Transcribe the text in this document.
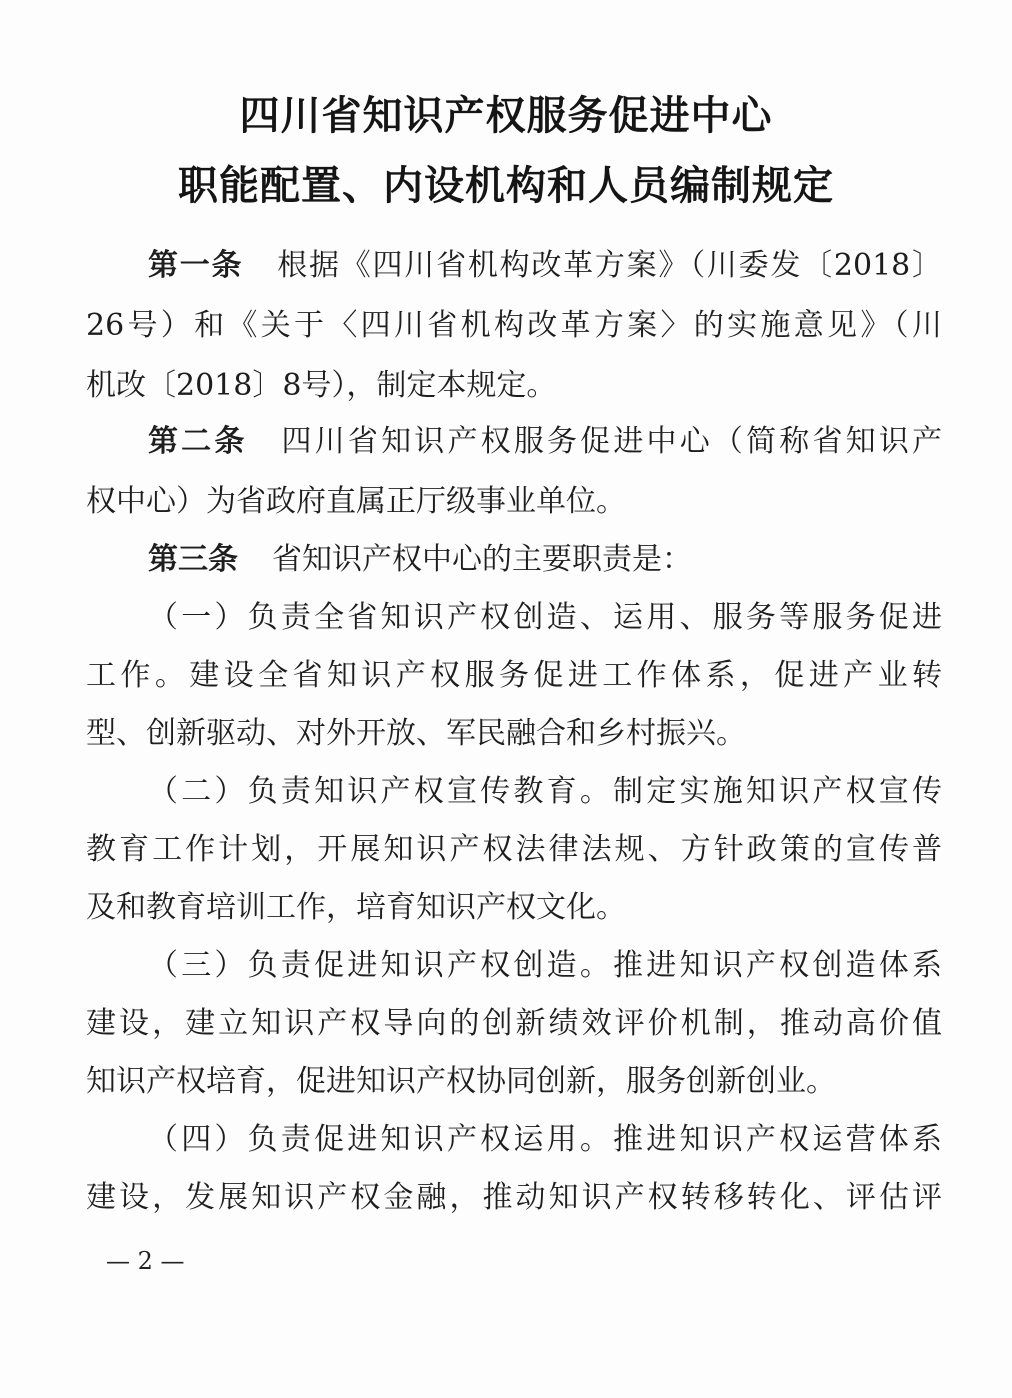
四川省知识产权服务促进中心
职能配置、内设机构和人员编制规定
第一条 根据《四川省机构改革方案》（川委发〔2018〕
26号）和《关于〈四川省机构改革方案〉的实施意见》（川
机改〔2018〕8号），制定本规定。
第二条 四川省知识产权服务促进中心（简称省知识产
权中心）为省政府直属正厅级事业单位。
第三条 省知识产权中心的主要职责是：
（一）负责全省知识产权创造、运用、服务等服务促进
工作。建设全省知识产权服务促进工作体系，促进产业转
型、创新驱动、对外开放、军民融合和乡村振兴。
（二）负责知识产权宣传教育。制定实施知识产权宣传
教育工作计划，开展知识产权法律法规、方针政策的宣传普
及和教育培训工作，培育知识产权文化。
（三）负责促进知识产权创造。推进知识产权创造体系
建设，建立知识产权导向的创新绩效评价机制，推动高价值
知识产权培育，促进知识产权协同创新，服务创新创业。
（四）负责促进知识产权运用。推进知识产权运营体系
建设，发展知识产权金融，推动知识产权转移转化、评估评
— 2 —
